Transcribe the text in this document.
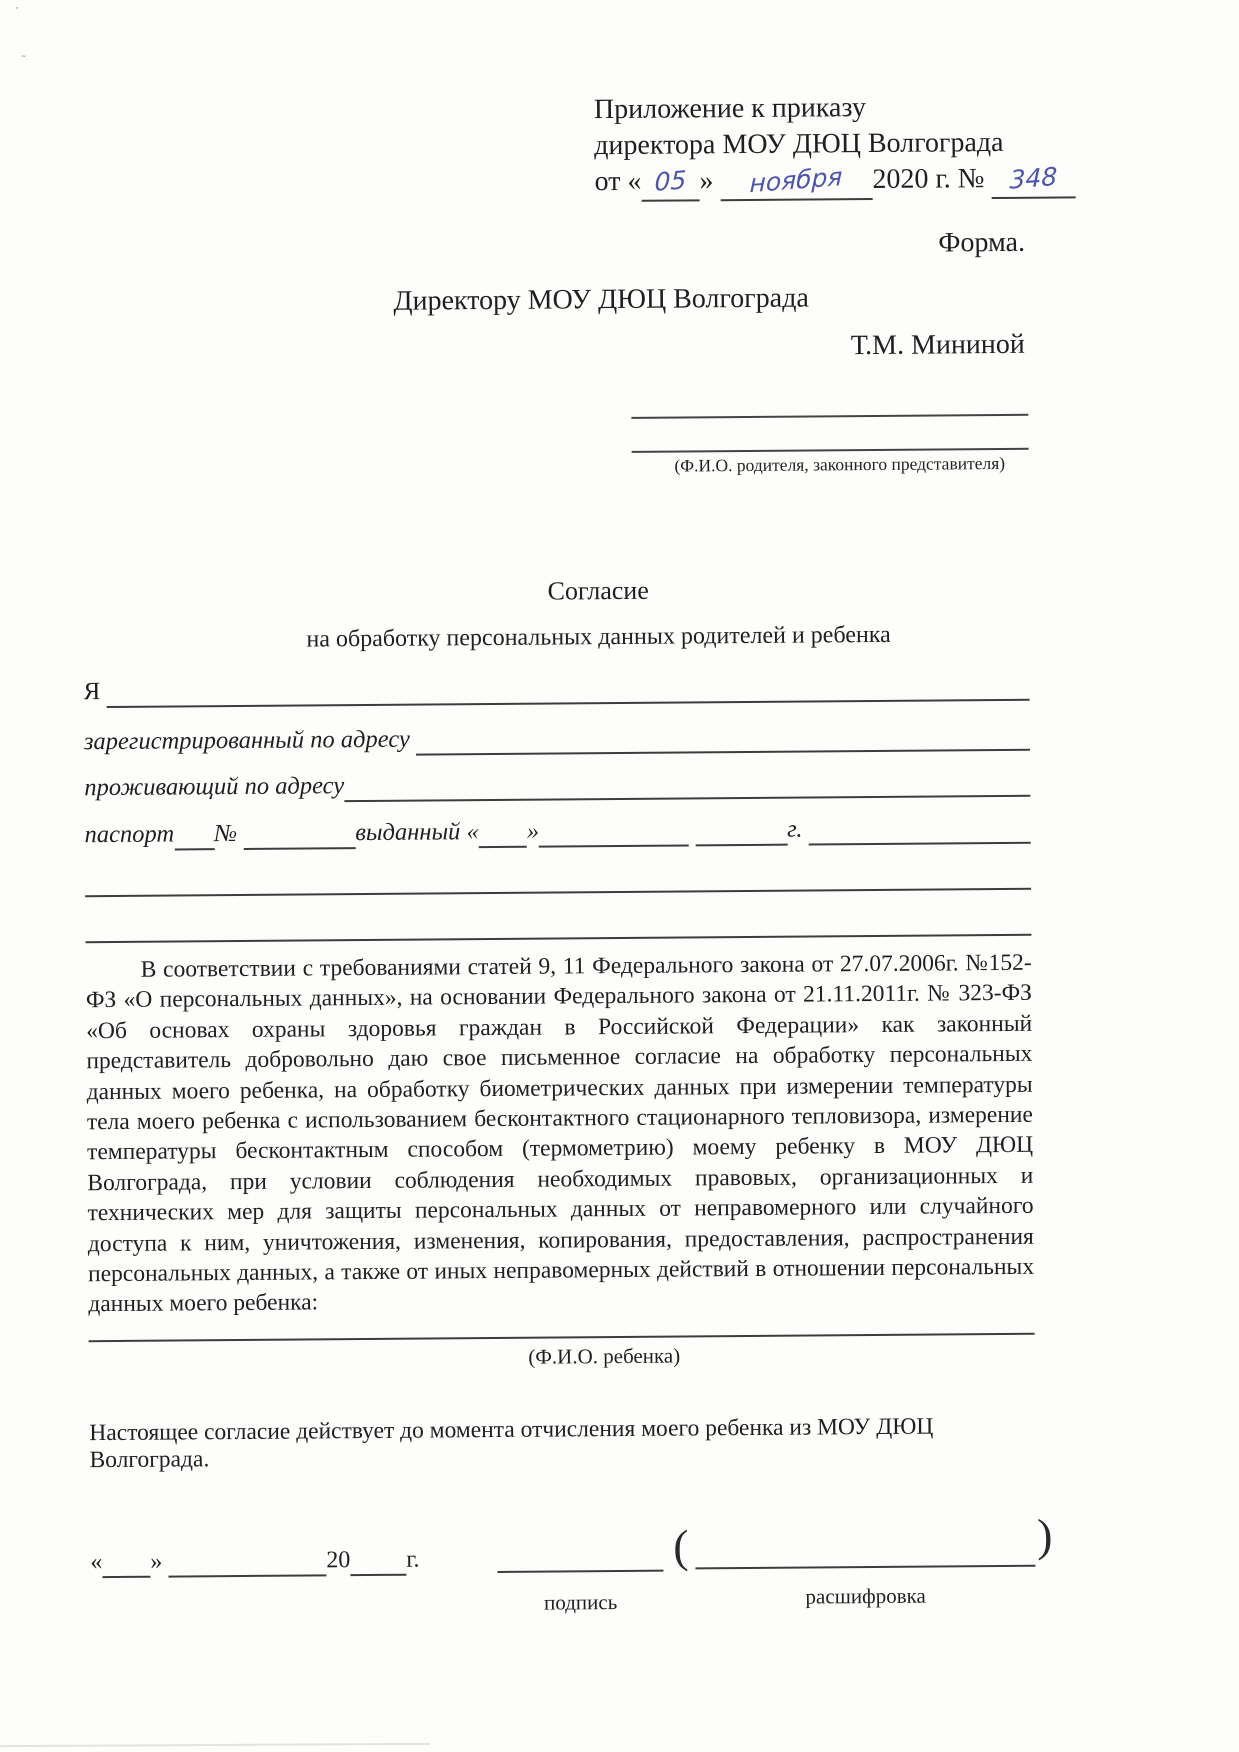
᾽
˜
Приложение к приказу
директора МОУ ДЮЦ Волгограда
от « 05 » ноября 2020 г. № 348
Форма.
Директору МОУ ДЮЦ Волгограда
Т.М. Мининой
(Ф.И.О. родителя, законного представителя)
Согласие
на обработку персональных данных родителей и ребенка
Я

зарегистрированный по адресу

проживающий по адресу

паспорт
№

	выданный
«
»

	г.

В соответствии с требованиями статей 9, 11 Федерального закона от 27.07.2006г. №152-ФЗ «О персональных данных», на основании Федерального закона от 21.11.2011г. № 323-ФЗ «Об основах охраны здоровья граждан в Российской Федерации» как законный представитель добровольно даю свое письменное согласие на обработку персональных данных моего ребенка, на обработку биометрических данных при измерении температуры тела моего ребенка с использованием бесконтактного стационарного тепловизора, измерение температуры бесконтактным способом (термометрию) моему ребенку в МОУ ДЮЦ Волгограда, при условии соблюдения необходимых правовых, организационных и технических мер для защиты персональных данных от неправомерного или случайного доступа к ним, уничтожения, изменения, копирования, предоставления, распространения персональных данных, а также от иных неправомерных действий в отношении персональных данных моего ребенка:
(Ф.И.О. ребенка)
Настоящее согласие действует до момента отчисления моего ребенка из МОУ ДЮЦ Волгограда.
«
»

	20
г.
подпись
(	)
расшифровка
